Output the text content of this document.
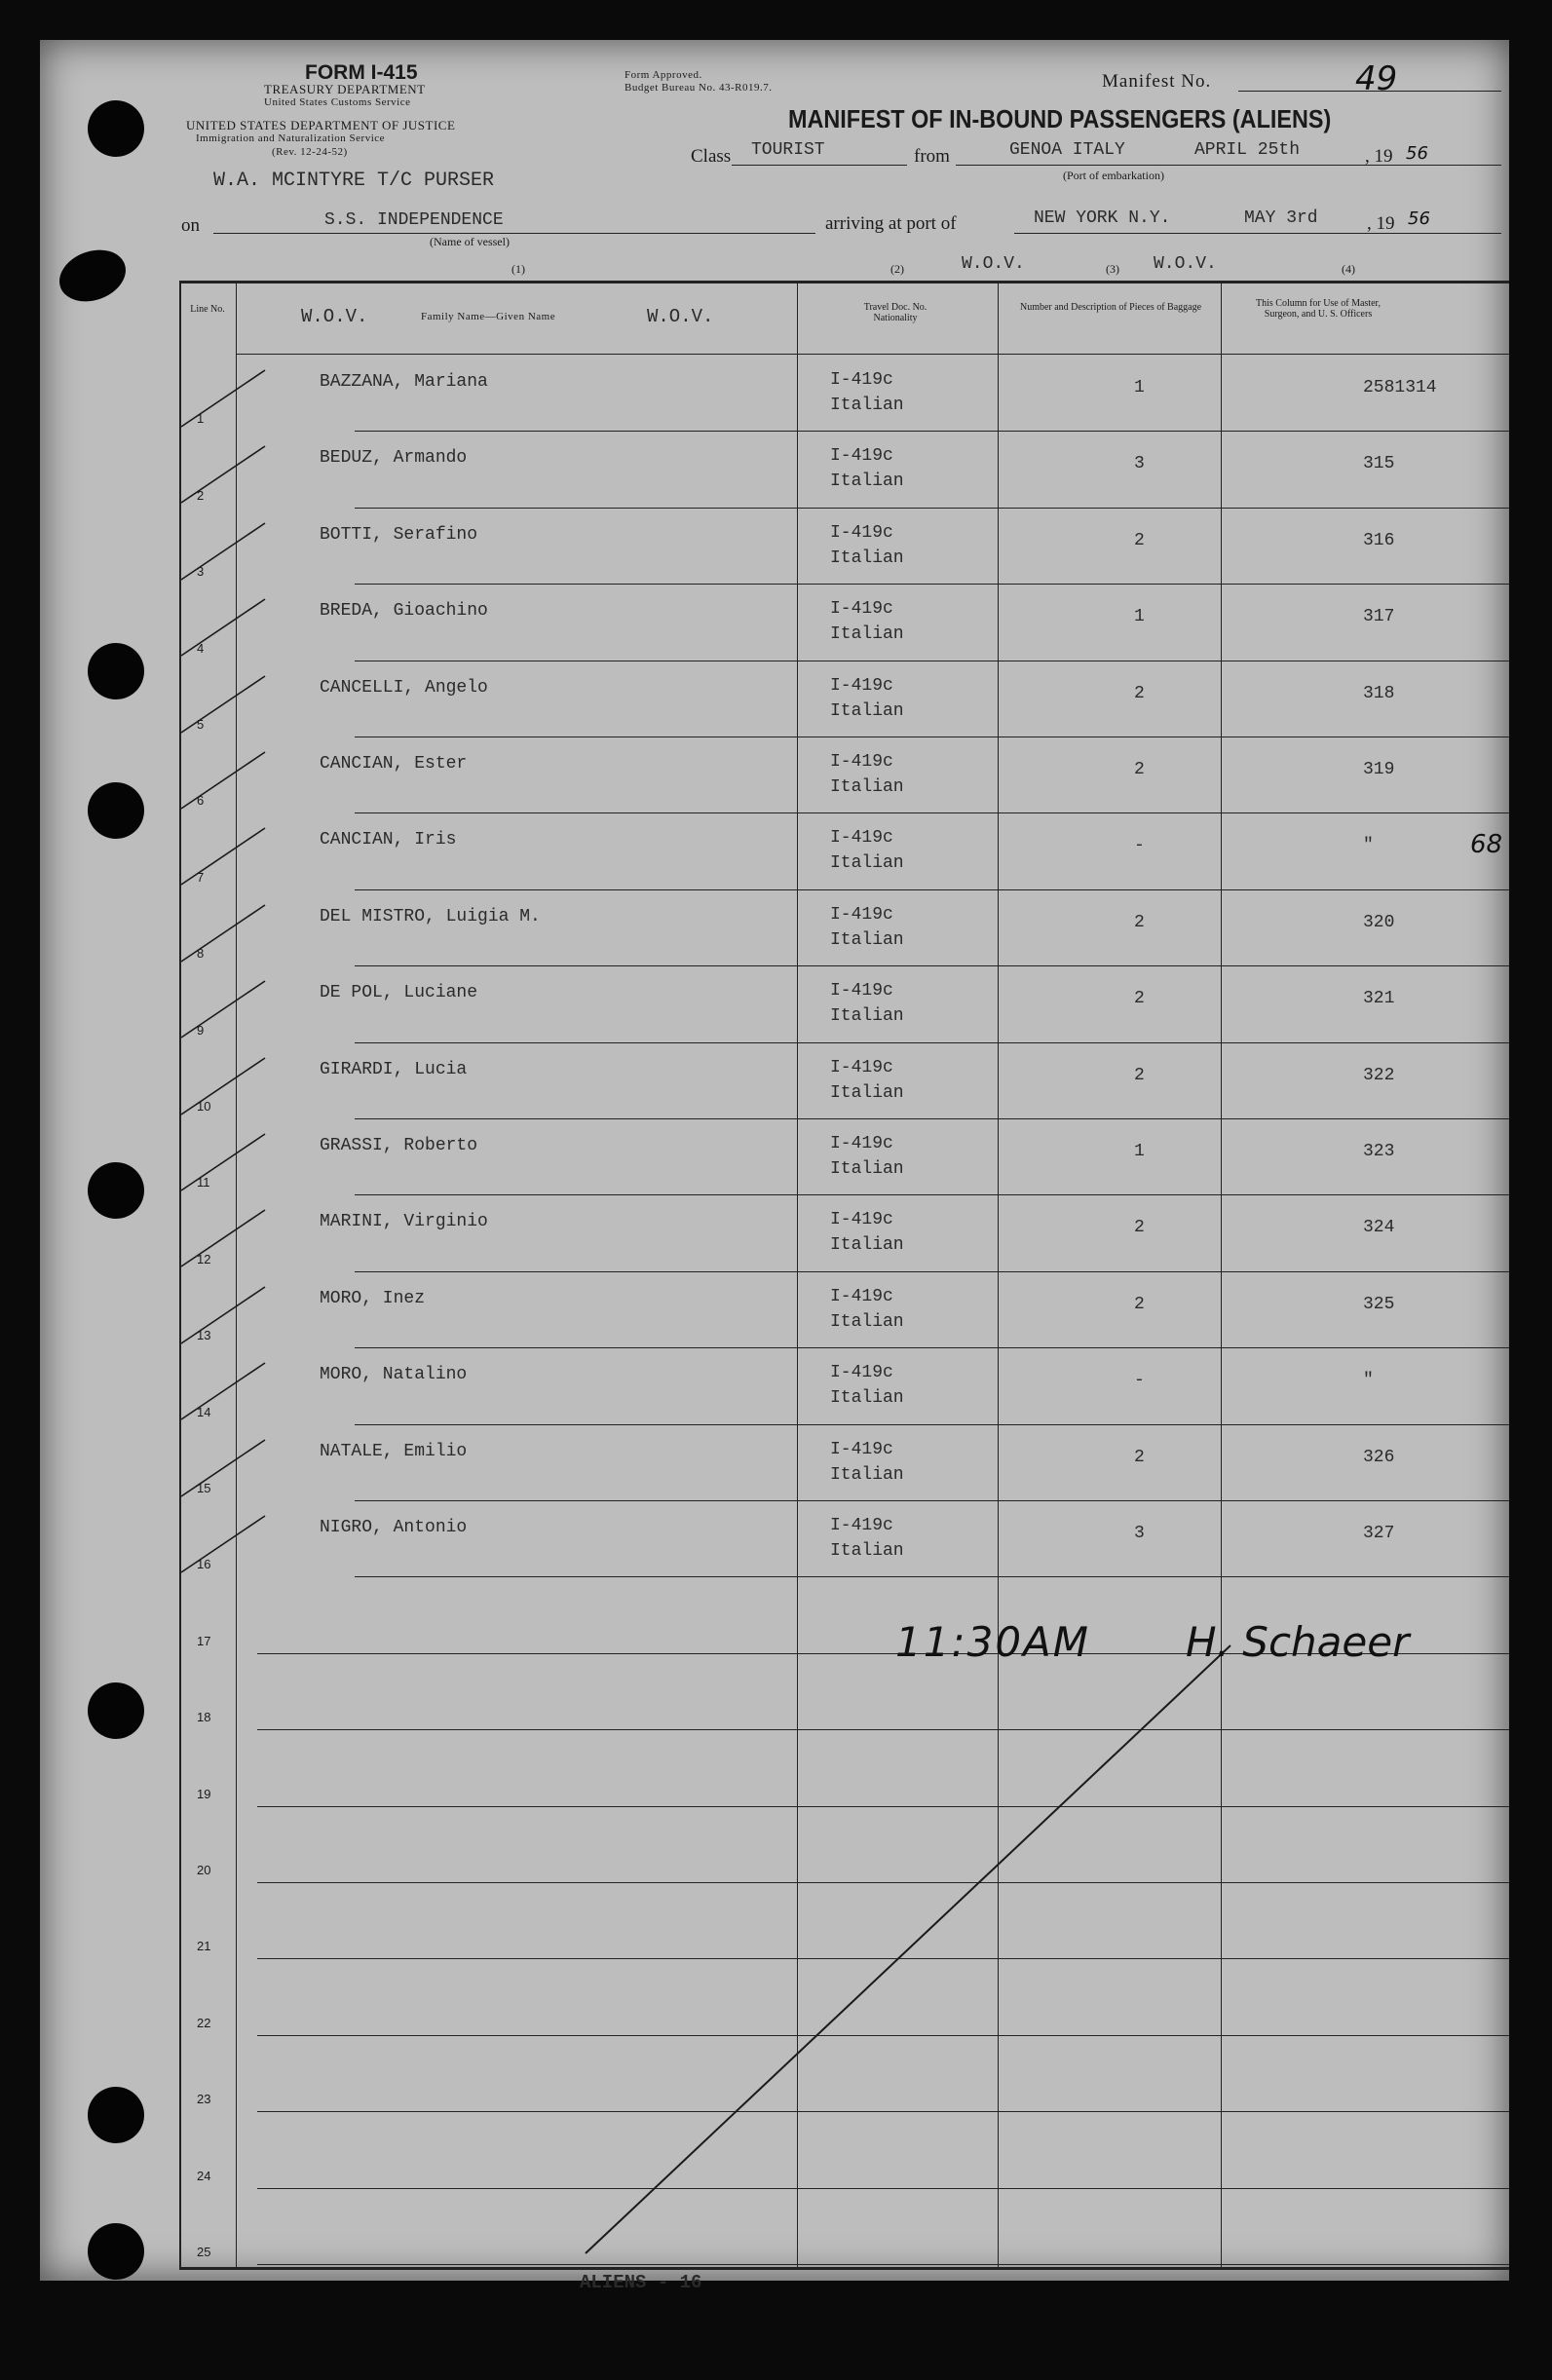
FORM I-415
TREASURY DEPARTMENT
United States Customs Service
UNITED STATES DEPARTMENT OF JUSTICE
Immigration and Naturalization Service
(Rev. 12-24-52)
Form Approved.
Budget Bureau No. 43-R019.7.	Manifest No.	49
MANIFEST OF IN-BOUND PASSENGERS (ALIENS)
W.A. MCINTYRE T/C PURSER
Class TOURIST	from	GENOA ITALY	APRIL 25th	, 19 56
(Port of embarkation)
on	S.S. INDEPENDENCE
(Name of vessel)
arriving at port of	NEW YORK N.Y.	MAY 3rd	, 19 56
(1)	(2)	W.O.V.	(3) W.O.V.	(4)
Line No.	W.O.V.	Family Name—Given Name	W.O.V.	Travel Doc. No. Nationality
Number and Description of Pieces of Baggage	This Column for Use of Master, Surgeon, and U. S. Officers
1
BAZZANA, Mariana	I-419c
Italian
1	2581314
2
BEDUZ, Armando	I-419c
Italian
3	315
3
BOTTI, Serafino	I-419c
Italian
2	316
4
BREDA, Gioachino	I-419c
Italian
1	317
5
CANCELLI, Angelo	I-419c
Italian
2	318
6
CANCIAN, Ester	I-419c
Italian
2	319
7
CANCIAN, Iris	I-419c
Italian
-	"	68
8
DEL MISTRO, Luigia M.	I-419c
Italian
2	320
9
DE POL, Luciane	I-419c
Italian
2	321
10
GIRARDI, Lucia	I-419c
Italian
2	322
11
GRASSI, Roberto	I-419c
Italian
1	323
12
MARINI, Virginio	I-419c
Italian
2	324
13
MORO, Inez	I-419c
Italian
2	325
14
MORO, Natalino	I-419c
Italian
-	"
15
NATALE, Emilio	I-419c
Italian
2	326
16
NIGRO, Antonio	I-419c
Italian
3	327
17
18
19
20
21
22
23
24
25
11:30AM H. Schaeer
ALIENS - 16
